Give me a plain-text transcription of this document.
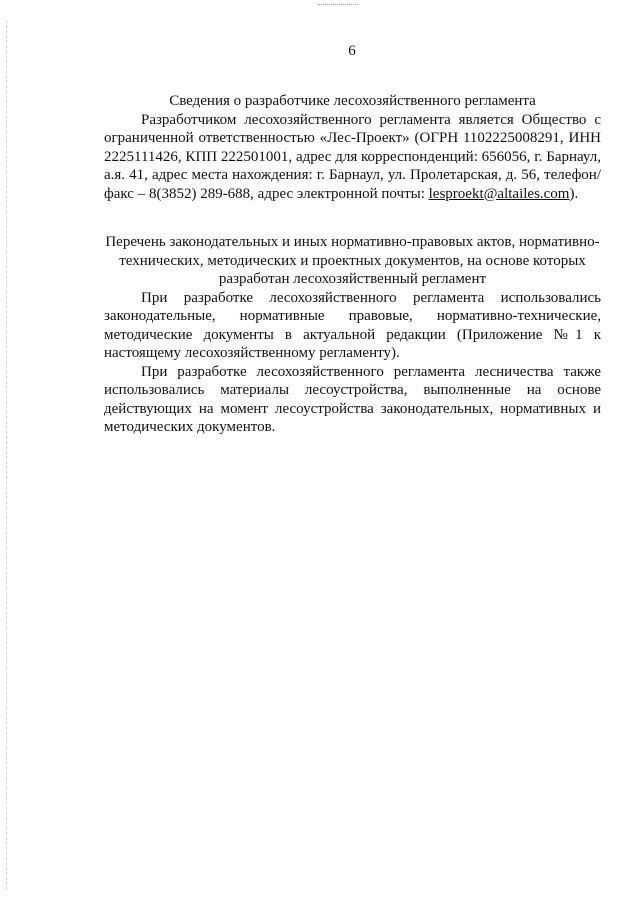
6

Сведения о разработчике лесохозяйственного регламента

Разработчиком лесохозяйственного регламента является Общество с ограниченной ответственностью «Лес-Проект» (ОГРН 1102225008291, ИНН 2225111426, КПП 222501001, адрес для корреспонденций: 656056, г. Барнаул, а.я. 41, адрес места нахождения: г. Барнаул, ул. Пролетарская, д. 56, телефон/факс – 8(3852) 289-688, адрес электронной почты: lesproekt@altailes.com).

Перечень законодательных и иных нормативно-правовых актов, нормативно-технических, методических и проектных документов, на основе которых разработан лесохозяйственный регламент

При разработке лесохозяйственного регламента использовались законодательные, нормативные правовые, нормативно-технические, методические документы в актуальной редакции (Приложение №1 к настоящему лесохозяйственному регламенту).

При разработке лесохозяйственного регламента лесничества также использовались материалы лесоустройства, выполненные на основе действующих на момент лесоустройства законодательных, нормативных и методических документов.
